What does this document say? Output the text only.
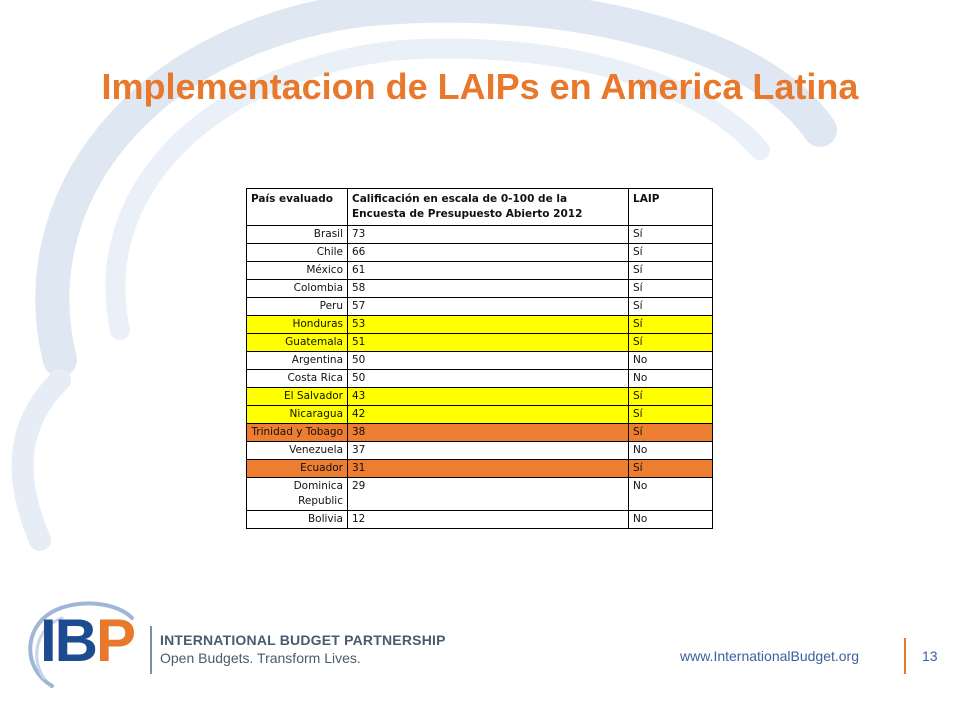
Implementacion de LAIPs en America Latina
País evaluado	Calificación en escala de 0-100 de la Encuesta de Presupuesto Abierto 2012	LAIP
Brasil	73	Sí
Chile	66	Sí
México	61	Sí
Colombia	58	Sí
Peru	57	Sí
Honduras	53	Sí
Guatemala	51	Sí
Argentina	50	No
Costa Rica	50	No
El Salvador	43	Sí
Nicaragua	42	Sí
Trinidad y Tobago	38	Sí
Venezuela	37	No
Ecuador	31	Sí
Dominica Republic	29	No
Bolivia	12	No
IBP INTERNATIONAL BUDGET PARTNERSHIP
Open Budgets. Transform Lives.	www.InternationalBudget.org	13
